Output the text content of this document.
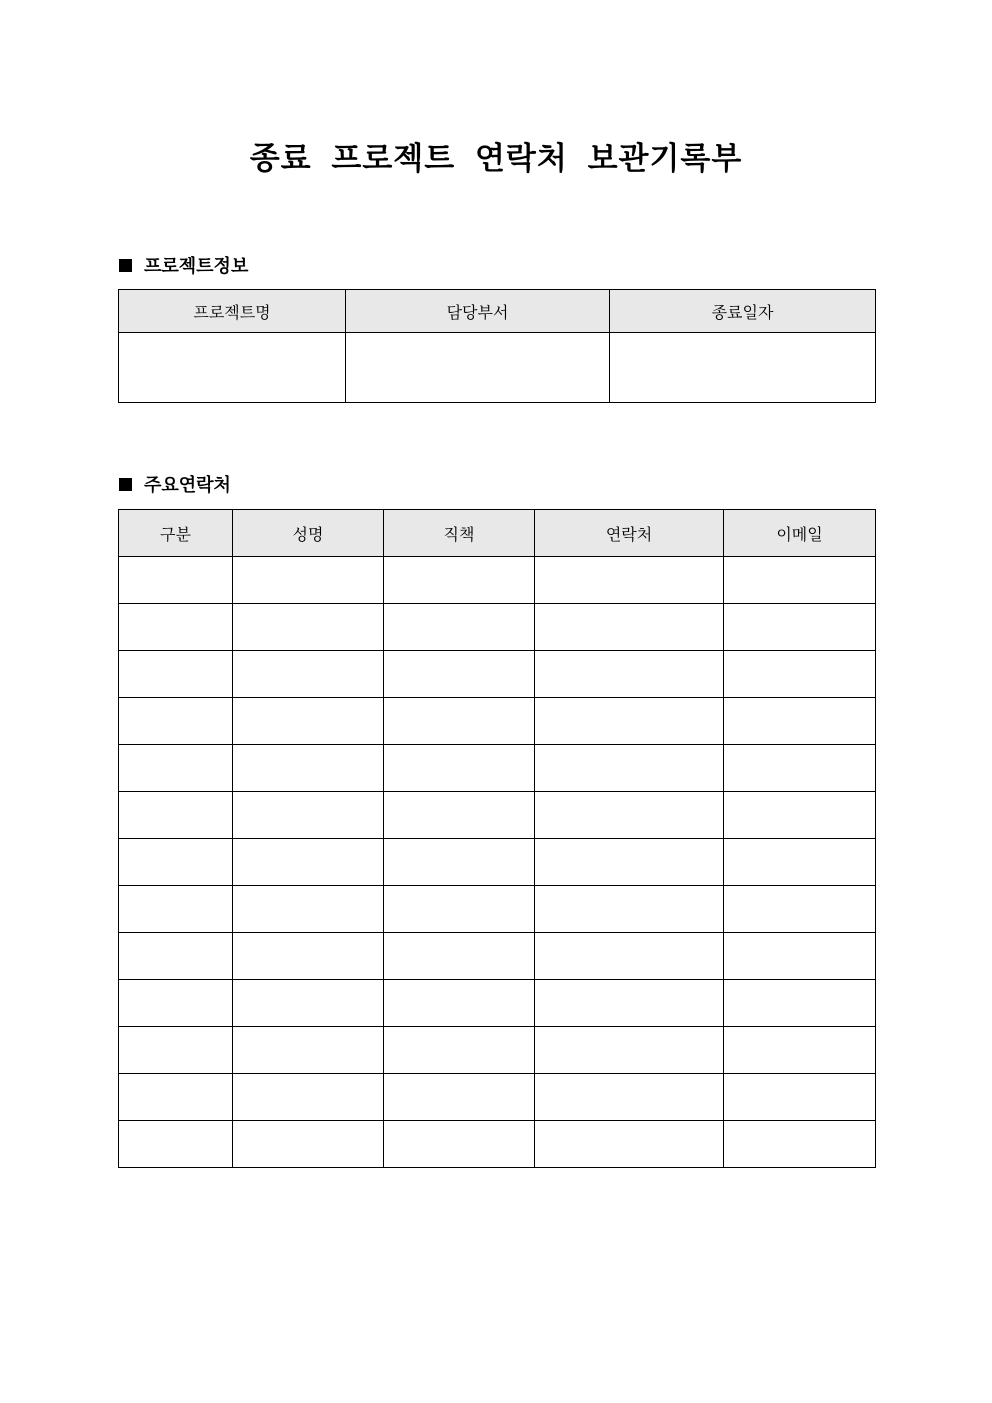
종료 프로젝트 연락처 보관기록부
프로젝트정보
프로젝트명	담당부서	종료일자

주요연락처
구분	성명	직책	연락처	이메일
